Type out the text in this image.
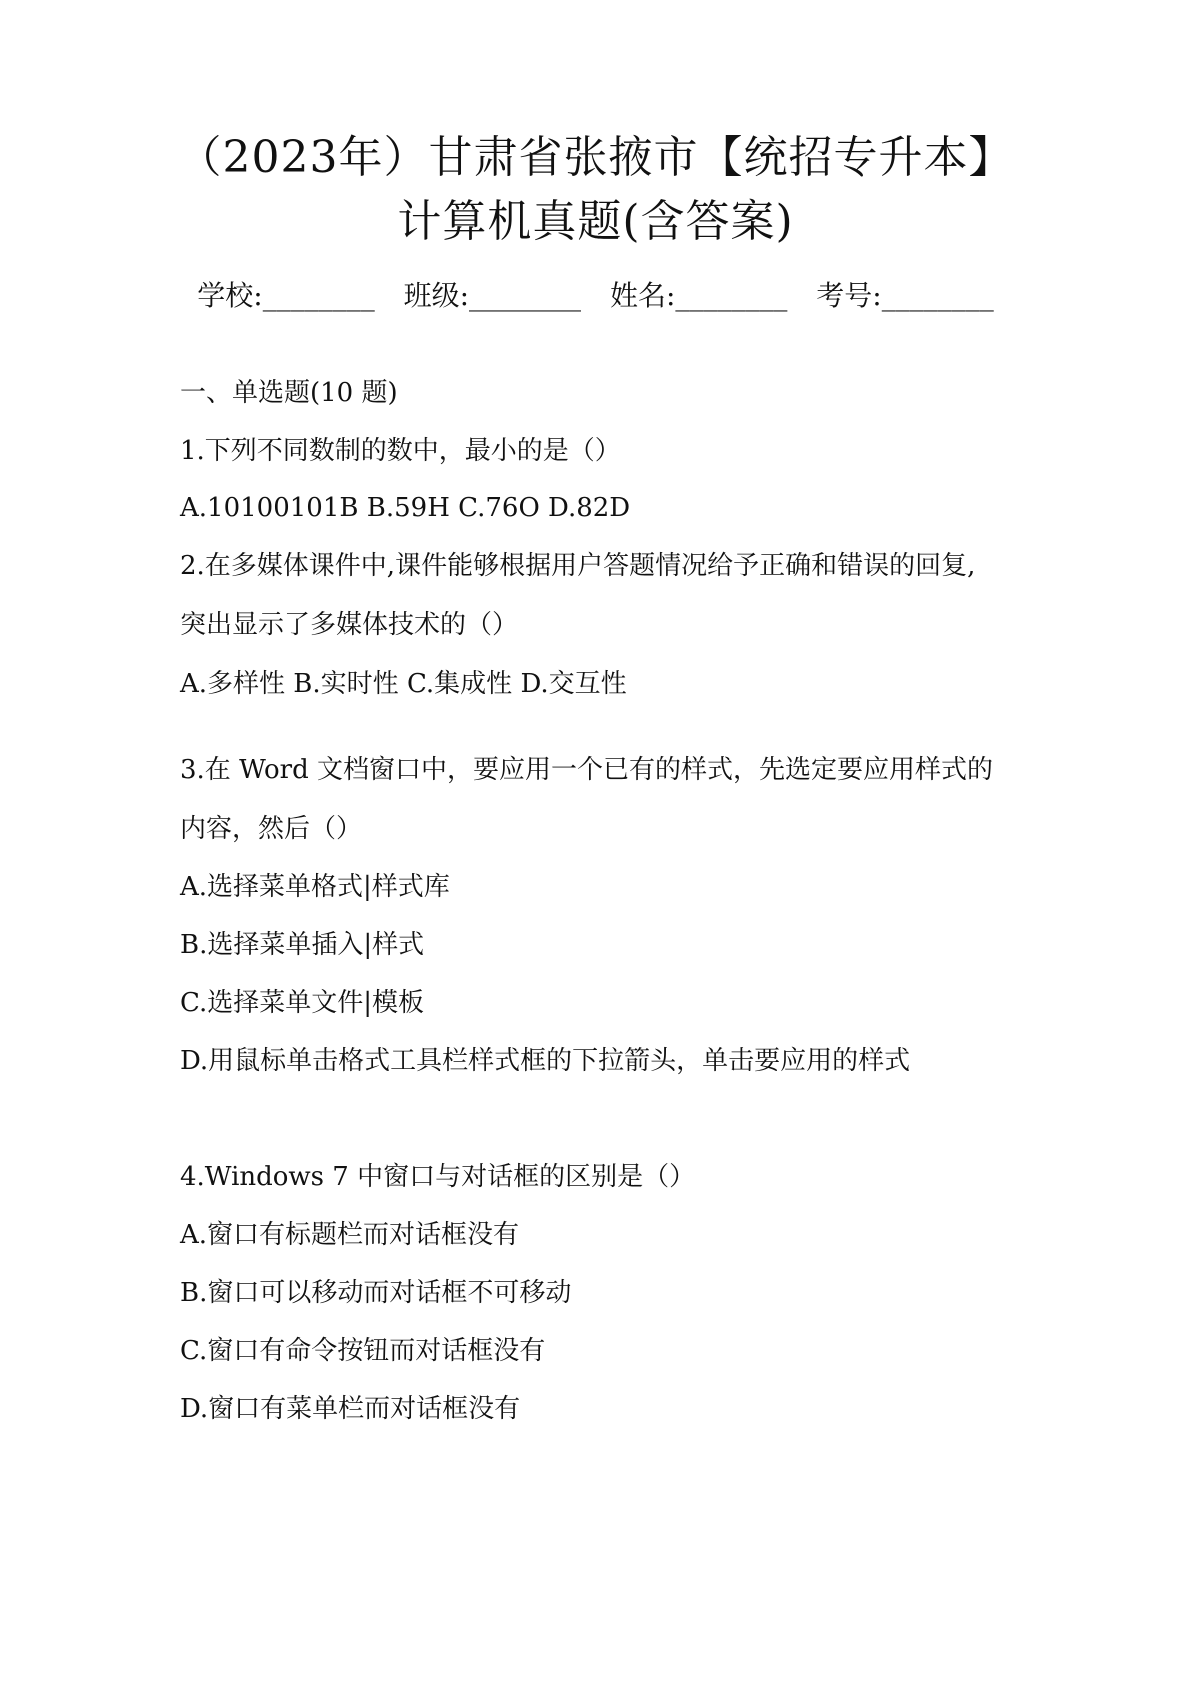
（2023年）甘肃省张掖市【统招专升本】
计算机真题(含答案)
学校:________ 班级:________ 姓名:________ 考号:________
一、单选题(10 题)
1.下列不同数制的数中，最小的是（）
A.10100101B B.59H C.76O D.82D
2.在多媒体课件中,课件能够根据用户答题情况给予正确和错误的回复,
突出显示了多媒体技术的（）
A.多样性 B.实时性 C.集成性 D.交互性
3.在 Word 文档窗口中，要应用一个已有的样式，先选定要应用样式的
内容，然后（）
A.选择菜单格式|样式库
B.选择菜单插入|样式
C.选择菜单文件|模板
D.用鼠标单击格式工具栏样式框的下拉箭头，单击要应用的样式
4.Windows 7 中窗口与对话框的区别是（）
A.窗口有标题栏而对话框没有
B.窗口可以移动而对话框不可移动
C.窗口有命令按钮而对话框没有
D.窗口有菜单栏而对话框没有
